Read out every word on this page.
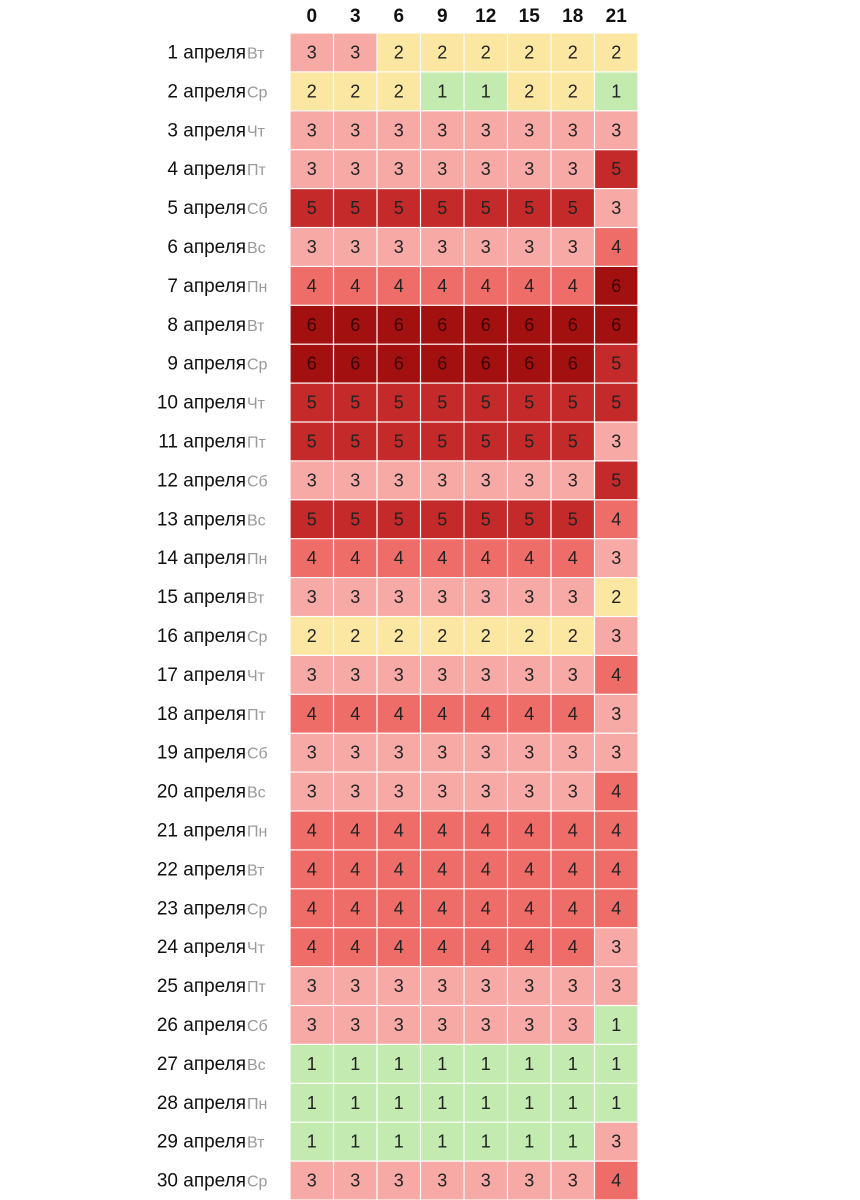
0 3 6 9 12 15 18 21
1 апреля Вт 3 3 2 2 2 2 2 2
2 апреля Ср 2 2 2 1 1 2 2 1
3 апреля Чт 3 3 3 3 3 3 3 3
4 апреля Пт 3 3 3 3 3 3 3 5
5 апреля Сб 5 5 5 5 5 5 5 3
6 апреля Вс 3 3 3 3 3 3 3 4
7 апреля Пн 4 4 4 4 4 4 4 6
8 апреля Вт 6 6 6 6 6 6 6 6
9 апреля Ср 6 6 6 6 6 6 6 5
10 апреля Чт 5 5 5 5 5 5 5 5
11 апреля Пт 5 5 5 5 5 5 5 3
12 апреля Сб 3 3 3 3 3 3 3 5
13 апреля Вс 5 5 5 5 5 5 5 4
14 апреля Пн 4 4 4 4 4 4 4 3
15 апреля Вт 3 3 3 3 3 3 3 2
16 апреля Ср 2 2 2 2 2 2 2 3
17 апреля Чт 3 3 3 3 3 3 3 4
18 апреля Пт 4 4 4 4 4 4 4 3
19 апреля Сб 3 3 3 3 3 3 3 3
20 апреля Вс 3 3 3 3 3 3 3 4
21 апреля Пн 4 4 4 4 4 4 4 4
22 апреля Вт 4 4 4 4 4 4 4 4
23 апреля Ср 4 4 4 4 4 4 4 4
24 апреля Чт 4 4 4 4 4 4 4 3
25 апреля Пт 3 3 3 3 3 3 3 3
26 апреля Сб 3 3 3 3 3 3 3 1
27 апреля Вс 1 1 1 1 1 1 1 1
28 апреля Пн 1 1 1 1 1 1 1 1
29 апреля Вт 1 1 1 1 1 1 1 3
30 апреля Ср 3 3 3 3 3 3 3 4
